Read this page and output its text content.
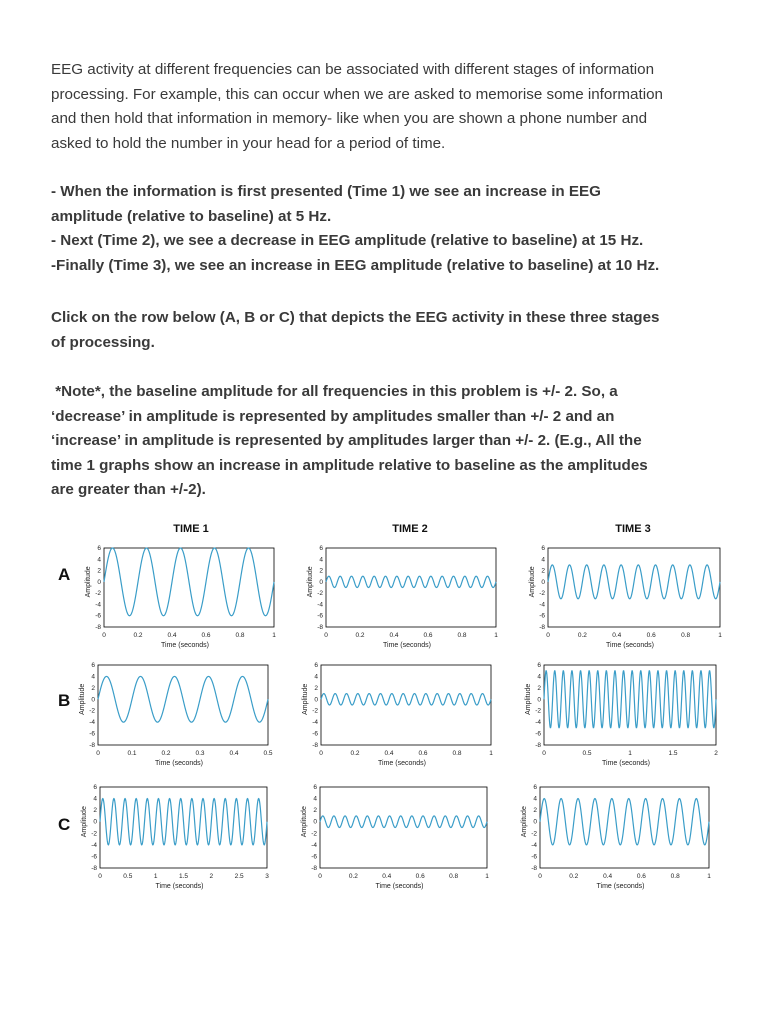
EEG activity at different frequencies can be associated with different stages of information
processing. For example, this can occur when we are asked to memorise some information
and then hold that information in memory- like when you are shown a phone number and
asked to hold the number in your head for a period of time.

- When the information is first presented (Time 1) we see an increase in EEG
amplitude (relative to baseline) at 5 Hz.
- Next (Time 2), we see a decrease in EEG amplitude (relative to baseline) at 15 Hz.
-Finally (Time 3), we see an increase in EEG amplitude (relative to baseline) at 10 Hz.

Click on the row below (A, B or C) that depicts the EEG activity in these three stages
of processing.

*Note*, the baseline amplitude for all frequencies in this problem is +/- 2. So, a
‘decrease’ in amplitude is represented by amplitudes smaller than +/- 2 and an
‘increase’ in amplitude is represented by amplitudes larger than +/- 2. (E.g., All the
time 1 graphs show an increase in amplitude relative to baseline as the amplitudes
are greater than +/-2).

TIME 1	TIME 2	TIME 3
A
B
C
6
4
2
0
-2
-4
-6
-8
0	0.2	0.4	0.6	0.8	1
Time (seconds)
Amplitude
6
4
2
0
-2
-4
-6
-8
0	0.2	0.4	0.6	0.8	1
Time (seconds)
Amplitude
6
4
2
0
-2
-4
-6
-8
0	0.2	0.4	0.6	0.8	1
Time (seconds)
Amplitude
6
4
2
0
-2
-4
-6
-8
0	0.1	0.2	0.3	0.4	0.5
Time (seconds)
Amplitude
6
4
2
0
-2
-4
-6
-8
0	0.2	0.4	0.6	0.8	1
Time (seconds)
Amplitude
6
4
2
0
-2
-4
-6
-8
0	0.5	1	1.5	2
Time (seconds)
Amplitude
6
4
2
0
-2
-4
-6
-8
0	0.5	1	1.5	2	2.5	3
Time (seconds)
Amplitude
6
4
2
0
-2
-4
-6
-8
0	0.2	0.4	0.6	0.8	1
Time (seconds)
Amplitude
6
4
2
0
-2
-4
-6
-8
0	0.2	0.4	0.6	0.8	1
Time (seconds)
Amplitude
